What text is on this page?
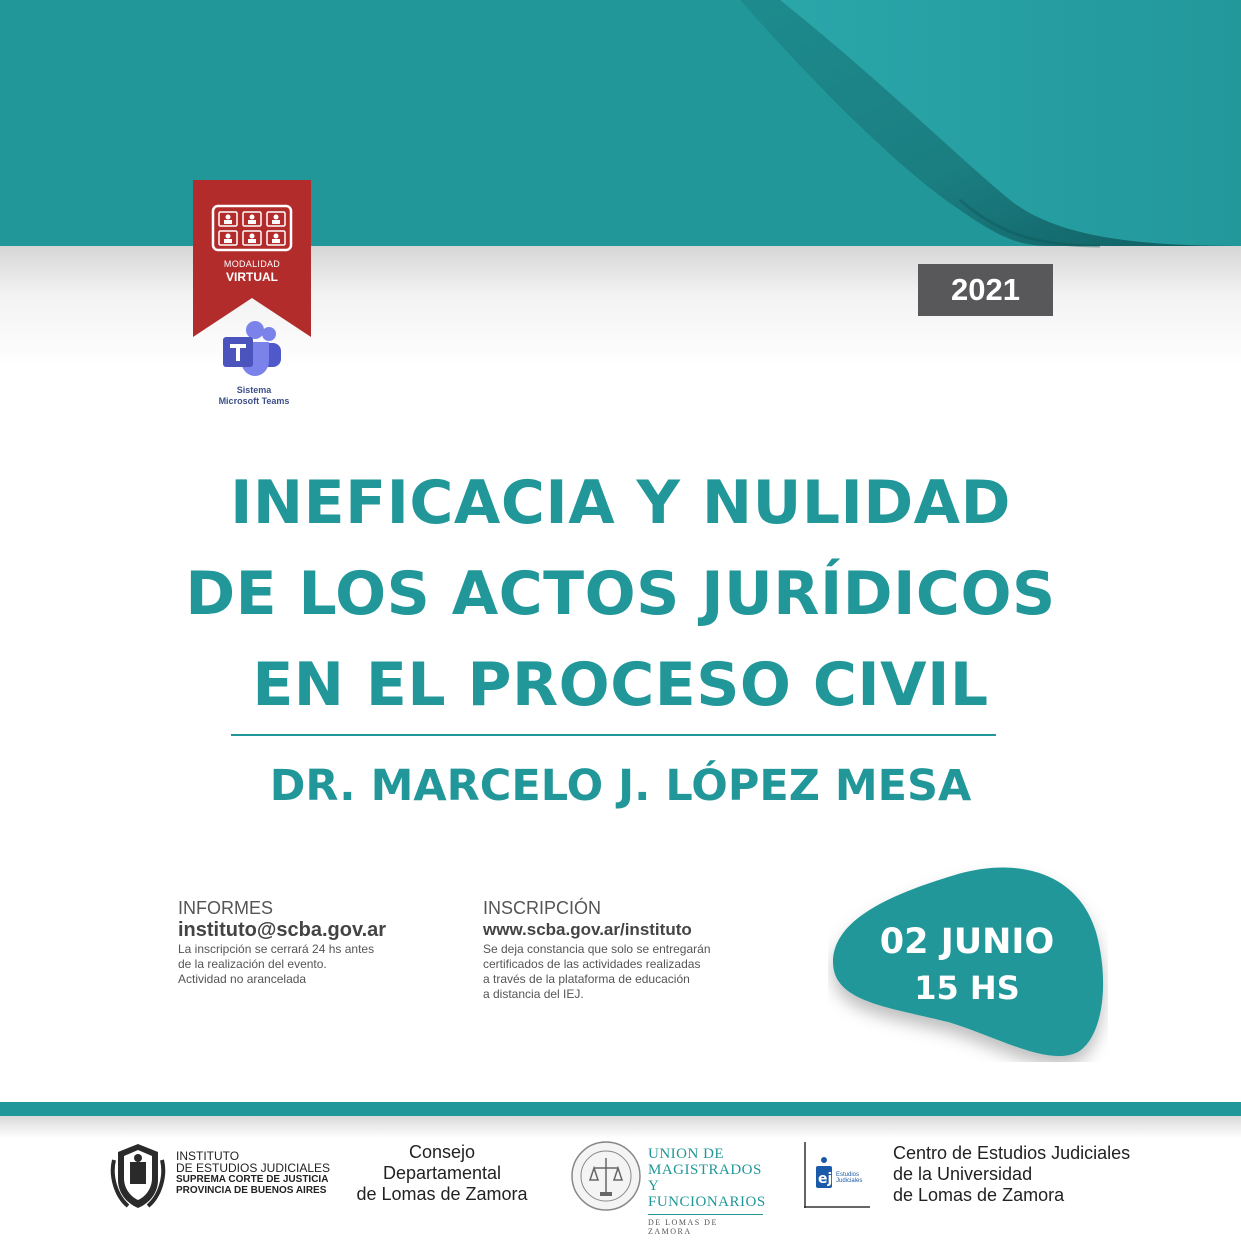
MODALIDAD
VIRTUAL
Sistema
Microsoft Teams
2021
INEFICACIA Y NULIDAD
DE LOS ACTOS JURÍDICOS
EN EL PROCESO CIVIL
DR. MARCELO J. LÓPEZ MESA
INFORMES
instituto@scba.gov.ar
La inscripción se cerrará 24 hs antes
de la realización del evento.
Actividad no arancelada
INSCRIPCIÓN
www.scba.gov.ar/instituto
Se deja constancia que solo se entregarán
certificados de las actividades realizadas
a través de la plataforma de educación
a distancia del IEJ.
02 JUNIO
15 HS
INSTITUTO
DE ESTUDIOS JUDICIALES
SUPREMA CORTE DE JUSTICIA
PROVINCIA DE BUENOS AIRES
Consejo
Departamental
de Lomas de Zamora
UNION DE
MAGISTRADOS
Y FUNCIONARIOS
DE LOMAS DE ZAMORA
ej Estudios Judiciales
Centro de Estudios Judiciales
de la Universidad
de Lomas de Zamora
